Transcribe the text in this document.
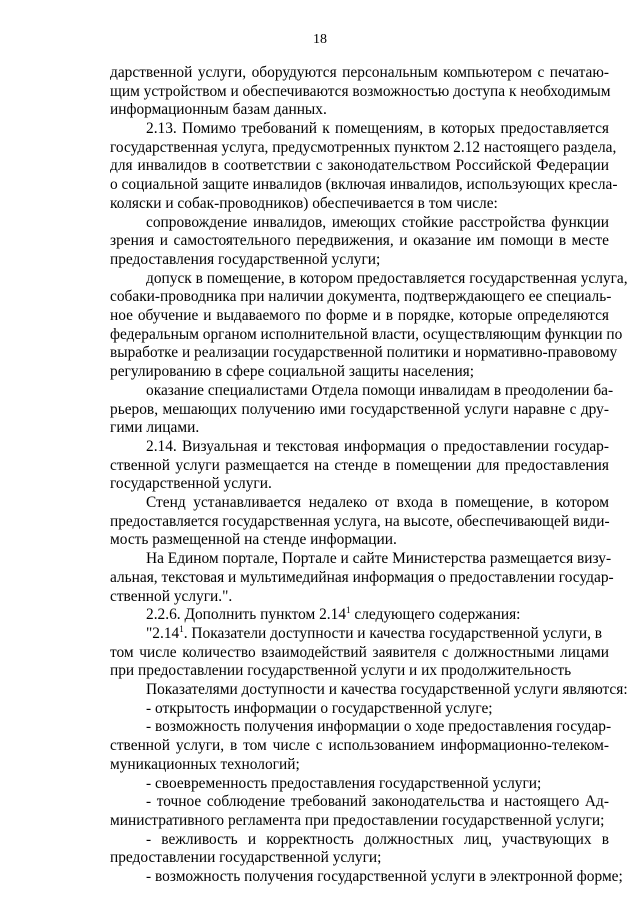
18
дарственной услуги, оборудуются персональным компьютером с печатаю-
щим устройством и обеспечиваются возможностью доступа к необходимым
информационным базам данных.
2.13. Помимо требований к помещениям, в которых предоставляется
государственная услуга, предусмотренных пунктом 2.12 настоящего раздела,
для инвалидов в соответствии с законодательством Российской Федерации
о социальной защите инвалидов (включая инвалидов, использующих кресла-
коляски и собак-проводников) обеспечивается в том числе:
сопровождение инвалидов, имеющих стойкие расстройства функции
зрения и самостоятельного передвижения, и оказание им помощи в месте
предоставления государственной услуги;
допуск в помещение, в котором предоставляется государственная услуга,
собаки-проводника при наличии документа, подтверждающего ее специаль-
ное обучение и выдаваемого по форме и в порядке, которые определяются
федеральным органом исполнительной власти, осуществляющим функции по
выработке и реализации государственной политики и нормативно-правовому
регулированию в сфере социальной защиты населения;
оказание специалистами Отдела помощи инвалидам в преодолении ба-
рьеров, мешающих получению ими государственной услуги наравне с дру-
гими лицами.
2.14. Визуальная и текстовая информация о предоставлении государ-
ственной услуги размещается на стенде в помещении для предоставления
государственной услуги.
Стенд устанавливается недалеко от входа в помещение, в котором
предоставляется государственная услуга, на высоте, обеспечивающей види-
мость размещенной на стенде информации.
На Едином портале, Портале и сайте Министерства размещается визу-
альная, текстовая и мультимедийная информация о предоставлении государ-
ственной услуги.".
2.2.6. Дополнить пунктом 2.14$^1$ следующего содержания:
"2.14$^1$. Показатели доступности и качества государственной услуги, в
том числе количество взаимодействий заявителя с должностными лицами
при предоставлении государственной услуги и их продолжительность
Показателями доступности и качества государственной услуги являются:
- открытость информации о государственной услуге;
- возможность получения информации о ходе предоставления государ-
ственной услуги, в том числе с использованием информационно-телеком-
муникационных технологий;
- своевременность предоставления государственной услуги;
- точное соблюдение требований законодательства и настоящего Ад-
министративного регламента при предоставлении государственной услуги;
- вежливость и корректность должностных лиц, участвующих в
предоставлении государственной услуги;
- возможность получения государственной услуги в электронной форме;
